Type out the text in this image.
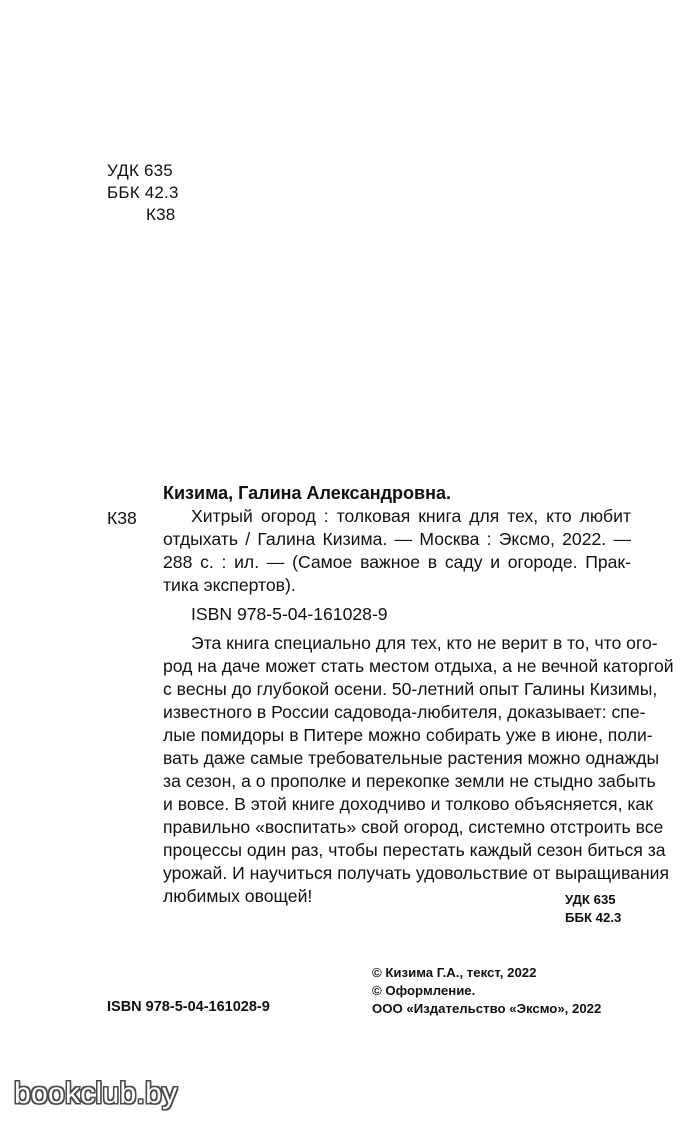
УДК 635
ББК 42.3
К38
Кизима, Галина Александровна.
К38	Хитрый огород : толковая книга для тех, кто любит
отдыхать / Галина Кизима. — Москва : Эксмо, 2022. —
288 с. : ил. — (Самое важное в саду и огороде. Прак-
тика экспертов).
ISBN 978-5-04-161028-9
Эта книга специально для тех, кто не верит в то, что ого-
род на даче может стать местом отдыха, а не вечной каторгой
с весны до глубокой осени. 50-летний опыт Галины Кизимы,
известного в России садовода-любителя, доказывает: спе-
лые помидоры в Питере можно собирать уже в июне, поли-
вать даже самые требовательные растения можно однажды
за сезон, а о прополке и перекопке земли не стыдно забыть
и вовсе. В этой книге доходчиво и толково объясняется, как
правильно «воспитать» свой огород, системно отстроить все
процессы один раз, чтобы перестать каждый сезон биться за
урожай. И научиться получать удовольствие от выращивания
любимых овощей!	УДК 635
ББК 42.3
ISBN 978-5-04-161028-9
© Кизима Г.А., текст, 2022
© Оформление.
ООО «Издательство «Эксмо», 2022
bookclub.by
